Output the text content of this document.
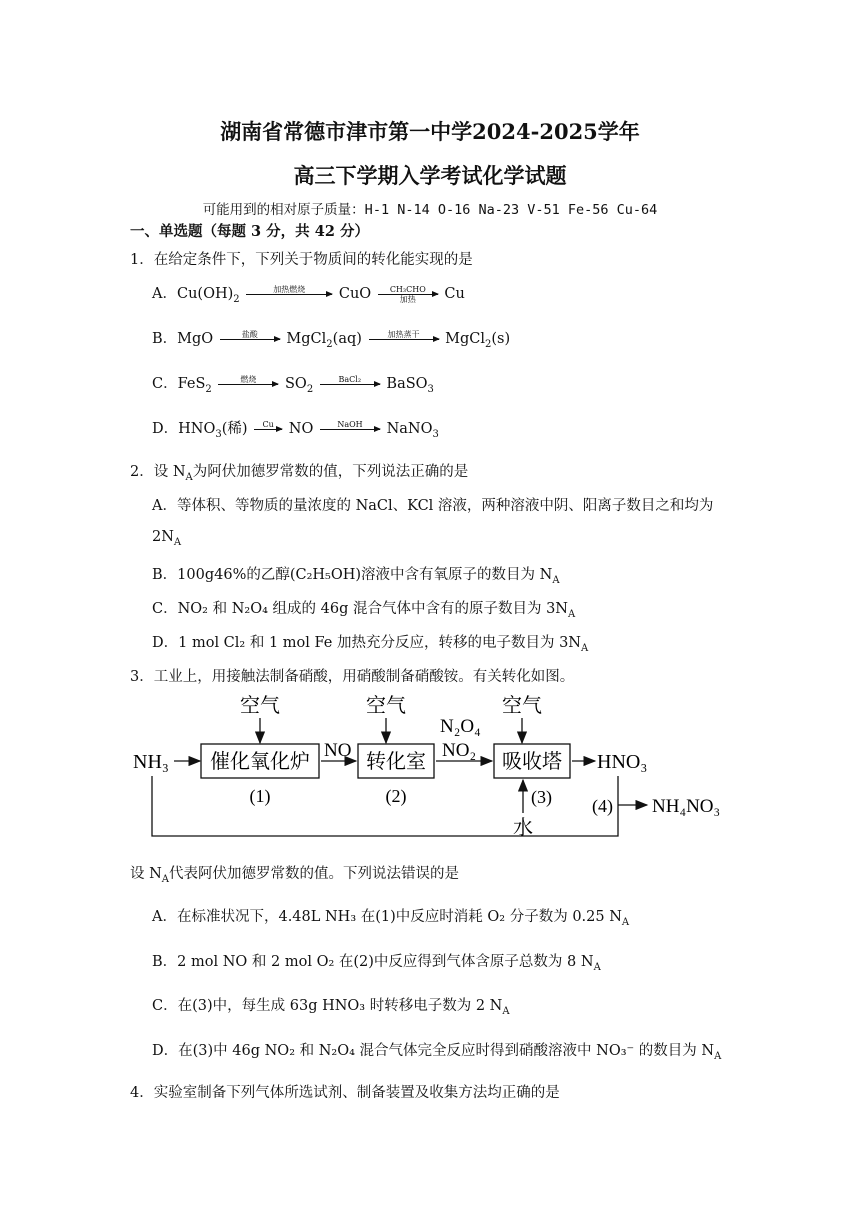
湖南省常德市津市第一中学2024-2025学年
高三下学期入学考试化学试题
可能用到的相对原子质量：H-1 N-14 O-16 Na-23 V-51 Fe-56 Cu-64
一、单选题（每题 3 分，共 42 分）
1．在给定条件下，下列关于物质间的转化能实现的是
A．$Cu(OH)_2$
加热燃烧	CuO	CH₃CHO
加热	Cu
B．MgO	盐酸	MgCl$_2$(aq)	加热蒸干	MgCl$_2$(s)
C．FeS$_2$
燃烧	$SO_2$
BaCl₂	BaSO$_3$
D．$HNO_3$(稀)	Cu	NO	NaOH	NaNO$_3$
2．设 $N_A$为阿伏加德罗常数的值，下列说法正确的是
A．等体积、等物质的量浓度的 NaCl、KCl 溶液，两种溶液中阴、阳离子数目之和均为
$2N_A$
B．100g46%的乙醇(C₂H₅OH)溶液中含有氧原子的数目为 $N_A$
C．NO₂ 和 N₂O₄ 组成的 46g 混合气体中含有的原子数目为 $3N_A$
D．1 mol Cl₂ 和 1 mol Fe 加热充分反应，转移的电子数目为 $3N_A$
3．工业上，用接触法制备硝酸，用硝酸制备硝酸铵。有关转化如图。
NH₃ 催化氧化炉
空气
(1)
NO
转化室
空气
(2)
N₂O₄
NO₂
吸收塔
空气
(3)
水
HNO₃
(4) NH₄NO₃
设 $N_A$代表阿伏加德罗常数的值。下列说法错误的是
A．在标准状况下，4.48L NH₃ 在(1)中反应时消耗 O₂ 分子数为 0.25 $N_A$
B．2 mol NO 和 2 mol O₂ 在(2)中反应得到气体含原子总数为 8 $N_A$
C．在(3)中，每生成 63g HNO₃ 时转移电子数为 2 $N_A$
D．在(3)中 46g NO₂ 和 N₂O₄ 混合气体完全反应时得到硝酸溶液中 NO₃⁻ 的数目为 $N_A$
4．实验室制备下列气体所选试剂、制备装置及收集方法均正确的是
